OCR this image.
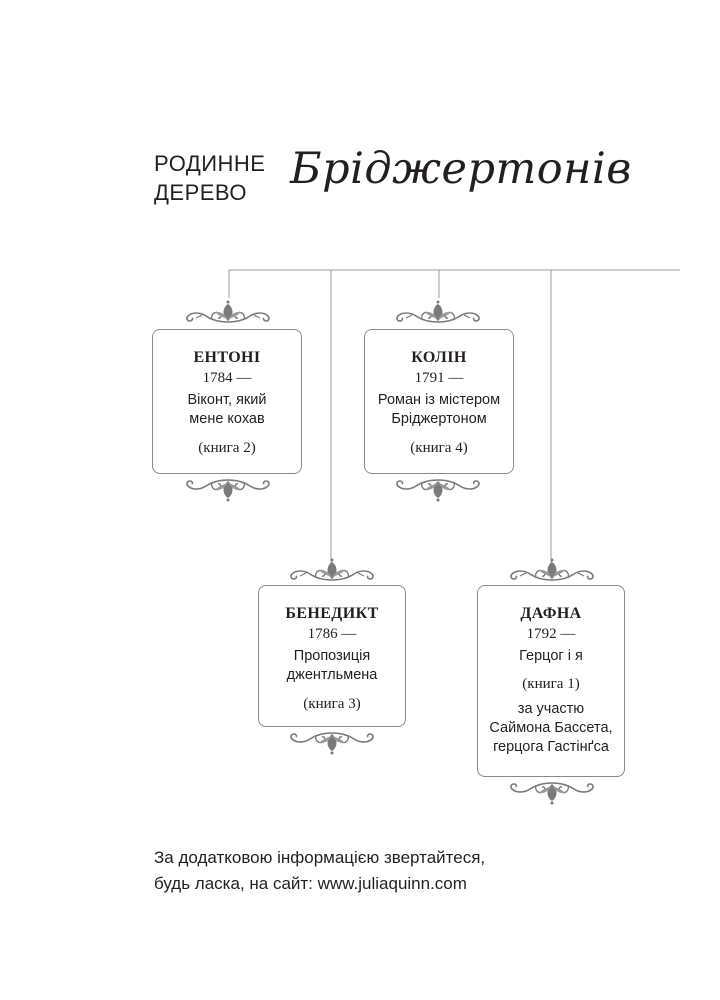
РОДИННЕ
ДЕРЕВО Бріджертонів
ЕНТОНІ
1784 —
Віконт, який
мене кохав
(книга 2)
КОЛІН
1791 —
Роман із містером
Бріджертоном
(книга 4)
БЕНЕДИКТ
1786 —
Пропозиція
джентльмена
(книга 3)
ДАФНА
1792 —
Герцог і я
(книга 1)
за участю
Саймона Бассета,
герцога Гастінґса
За додатковою інформацією звертайтеся,
будь ласка, на сайт: www.juliaquinn.com
